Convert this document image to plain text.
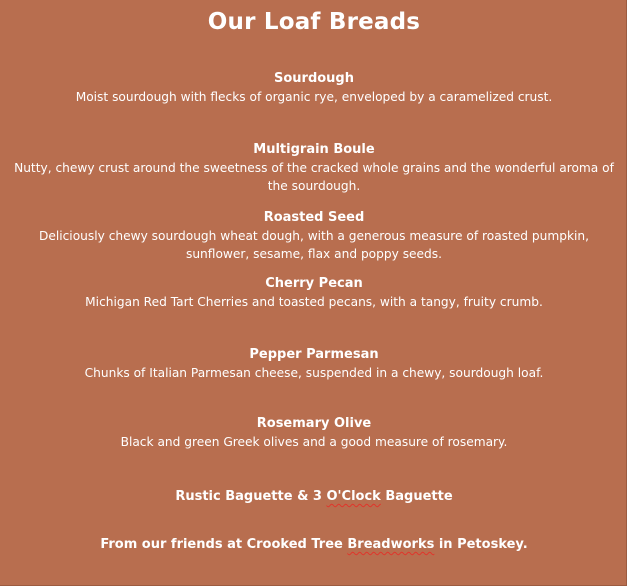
Our Loaf Breads
Sourdough
Moist sourdough with flecks of organic rye, enveloped by a caramelized crust.
Multigrain Boule
Nutty, chewy crust around the sweetness of the cracked whole grains and the wonderful aroma of the sourdough.
Roasted Seed
Deliciously chewy sourdough wheat dough, with a generous measure of roasted pumpkin, sunflower, sesame, flax and poppy seeds.
Cherry Pecan
Michigan Red Tart Cherries and toasted pecans, with a tangy, fruity crumb.
Pepper Parmesan
Chunks of Italian Parmesan cheese, suspended in a chewy, sourdough loaf.
Rosemary Olive
Black and green Greek olives and a good measure of rosemary.
Rustic Baguette & 3 O'Clock Baguette
From our friends at Crooked Tree Breadworks in Petoskey.
